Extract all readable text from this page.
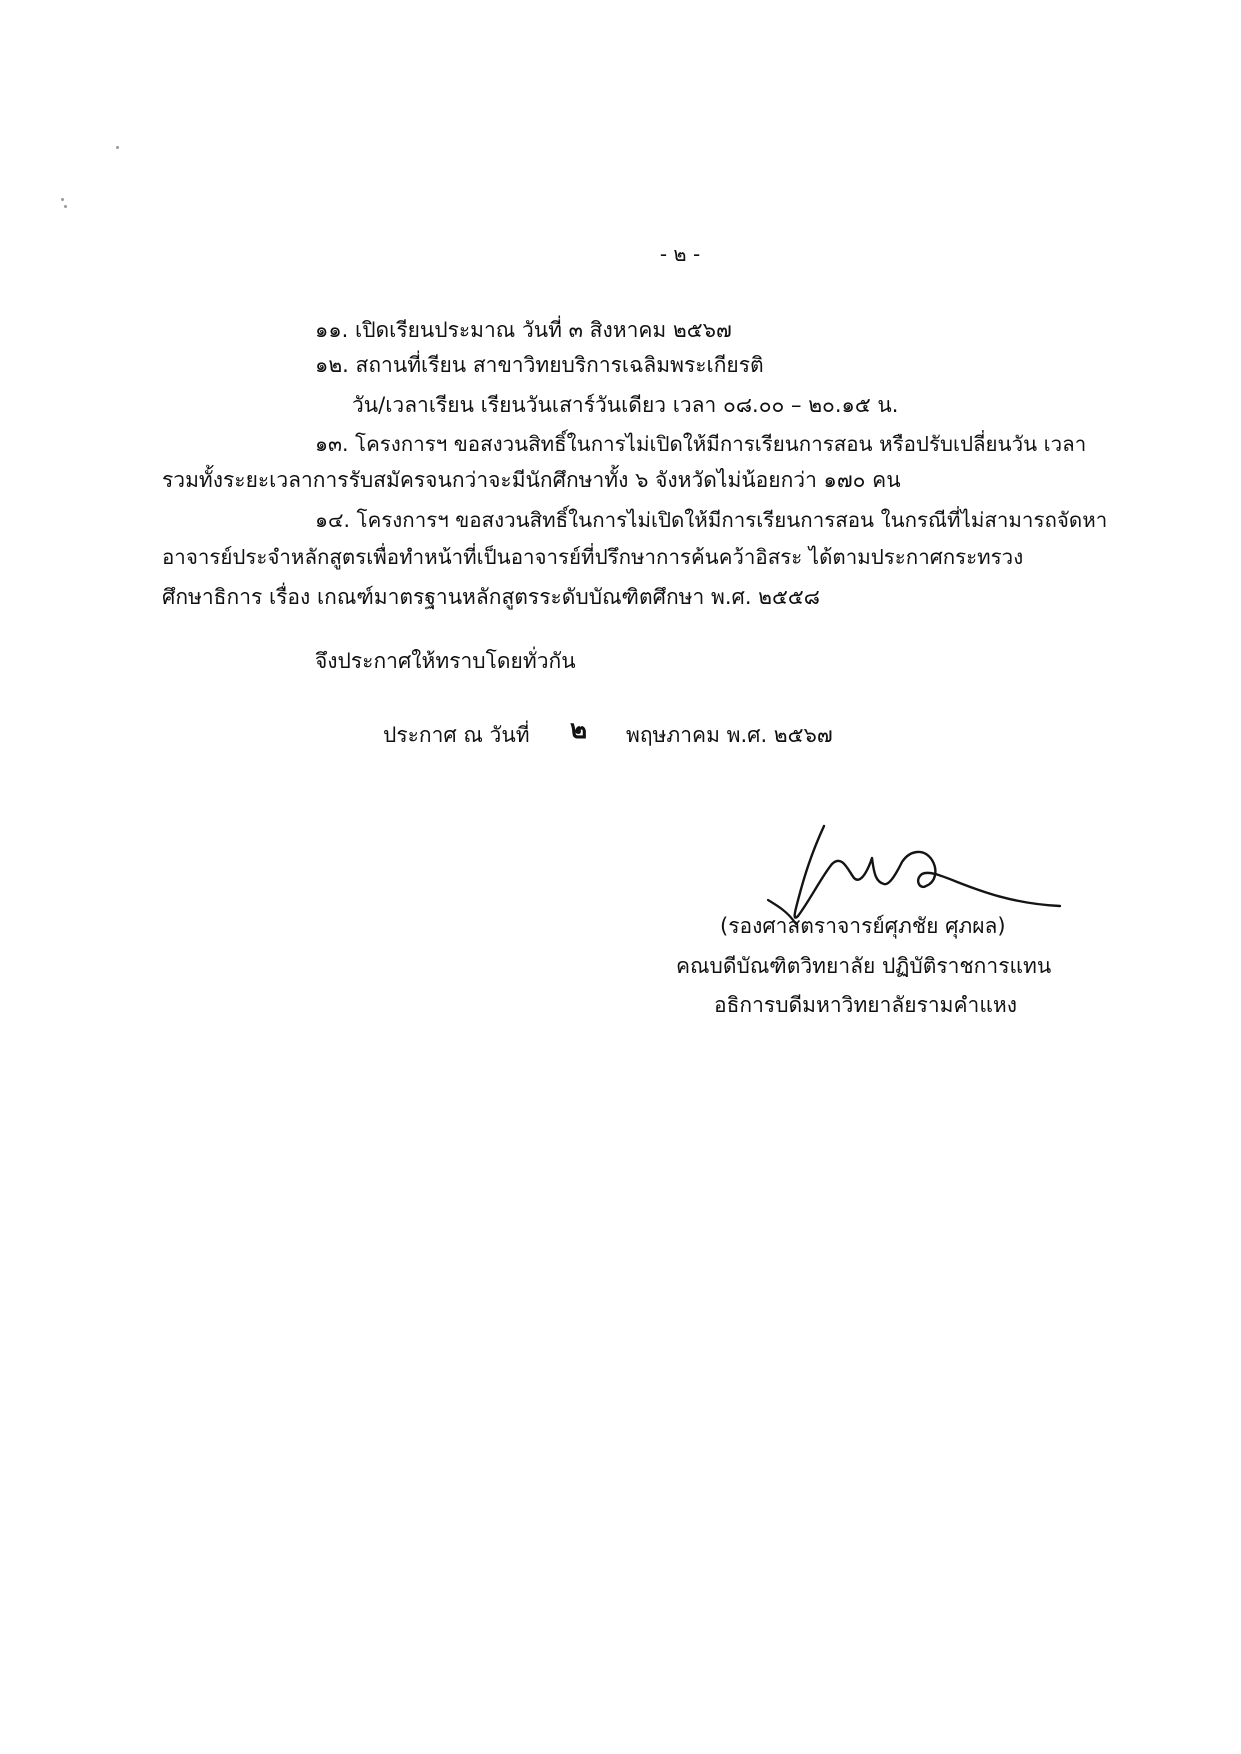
- ๒ -
๑๑. เปิดเรียนประมาณ วันที่ ๓ สิงหาคม ๒๕๖๗
๑๒. สถานที่เรียน สาขาวิทยบริการเฉลิมพระเกียรติ
วัน/เวลาเรียน เรียนวันเสาร์วันเดียว เวลา ๐๘.๐๐ – ๒๐.๑๕ น.
๑๓. โครงการฯ ขอสงวนสิทธิ์ในการไม่เปิดให้มีการเรียนการสอน หรือปรับเปลี่ยนวัน เวลา
รวมทั้งระยะเวลาการรับสมัครจนกว่าจะมีนักศึกษาทั้ง ๖ จังหวัดไม่น้อยกว่า ๑๗๐ คน
๑๔. โครงการฯ ขอสงวนสิทธิ์ในการไม่เปิดให้มีการเรียนการสอน ในกรณีที่ไม่สามารถจัดหา
อาจารย์ประจำหลักสูตรเพื่อทำหน้าที่เป็นอาจารย์ที่ปรึกษาการค้นคว้าอิสระ ได้ตามประกาศกระทรวง
ศึกษาธิการ เรื่อง เกณฑ์มาตรฐานหลักสูตรระดับบัณฑิตศึกษา พ.ศ. ๒๕๕๘
จึงประกาศให้ทราบโดยทั่วกัน
ประกาศ ณ วันที่ ๒ พฤษภาคม พ.ศ. ๒๕๖๗
(รองศาสตราจารย์ศุภชัย ศุภผล)
คณบดีบัณฑิตวิทยาลัย ปฏิบัติราชการแทน
อธิการบดีมหาวิทยาลัยรามคำแหง
